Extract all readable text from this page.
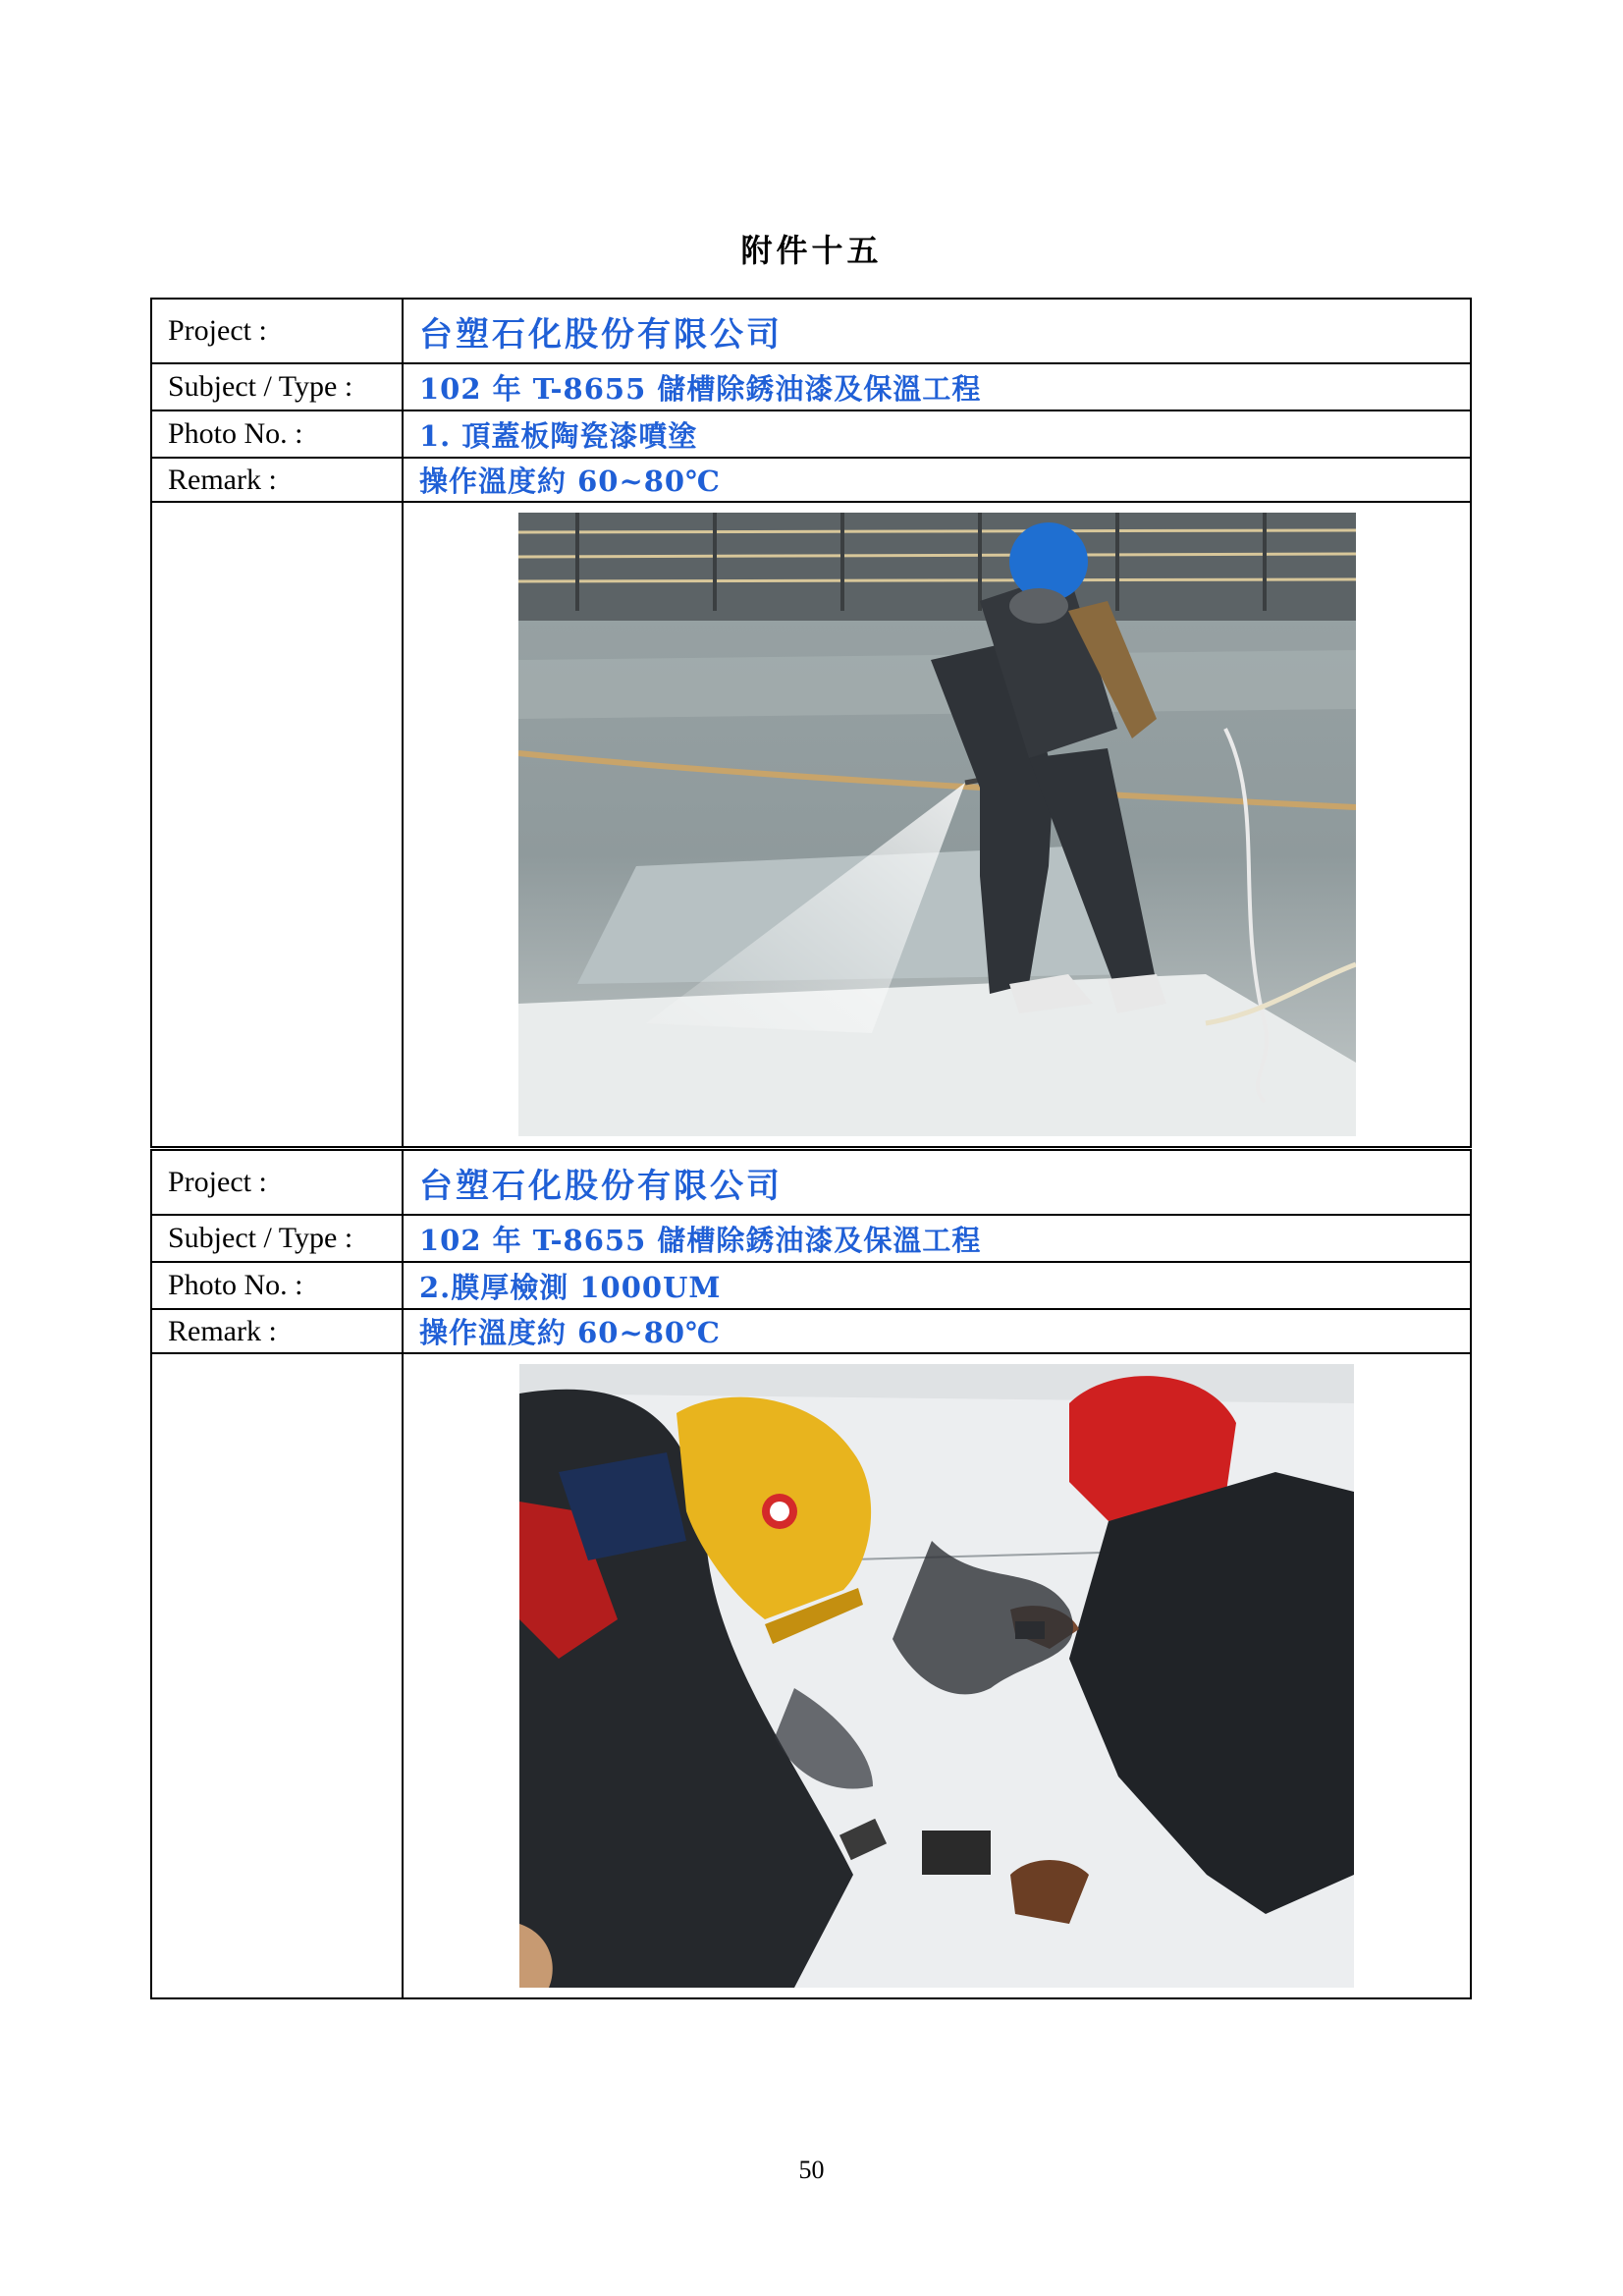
附件十五
Project :	台塑石化股份有限公司
Subject / Type :	102 年 T-8655 儲槽除銹油漆及保溫工程
Photo No. :	1. 頂蓋板陶瓷漆噴塗
Remark :	操作溫度約 60~80℃

Project :	台塑石化股份有限公司
Subject / Type :	102 年 T-8655 儲槽除銹油漆及保溫工程
Photo No. :	2.膜厚檢測 1000UM
Remark :	操作溫度約 60~80℃

50
